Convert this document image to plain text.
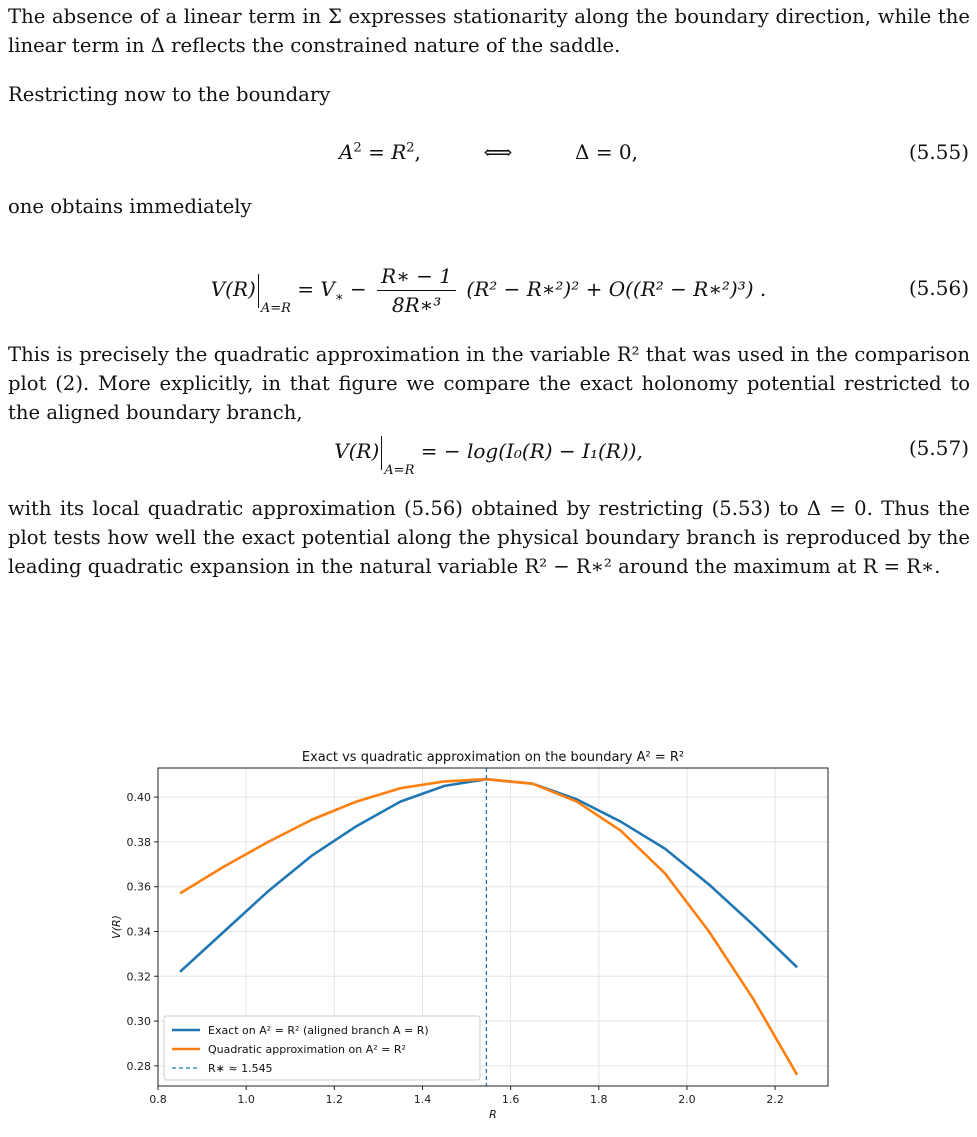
The absence of a linear term in Σ expresses stationarity along the boundary direction, while the linear term in Δ reflects the constrained nature of the saddle.

Restricting now to the boundary

$A^2 = R^2$,	⟺	Δ = 0,	(5.55)

one obtains immediately

$V(R)_{A=R} = V_∗ - \frac{R∗ - 1}{\text{8R∗³}} (R^2$ − R∗²)² + O((R² − R∗²)³) .	(5.56)

This is precisely the quadratic approximation in the variable R² that was used in the comparison plot (2). More explicitly, in that figure we compare the exact holonomy potential restricted to the aligned boundary branch,

$V(R)_{A=R}$ = − log(I₀(R) − I₁(R)),	(5.57)

with its local quadratic approximation (5.56) obtained by restricting (5.53) to Δ = 0. Thus the plot tests how well the exact potential along the physical boundary branch is reproduced by the leading quadratic expansion in the natural variable R² − R∗² around the maximum at R = R∗.

0.8	1.0	1.2	1.4	1.6	1.8	2.0	2.2
0.28
0.30
0.32
0.34
0.36
0.38
0.40
Exact vs quadratic approximation on the boundary A² = R²
R
V(R)
Exact on A² = R² (aligned branch A = R)
Quadratic approximation on A² = R²
R∗ ≈ 1.545
